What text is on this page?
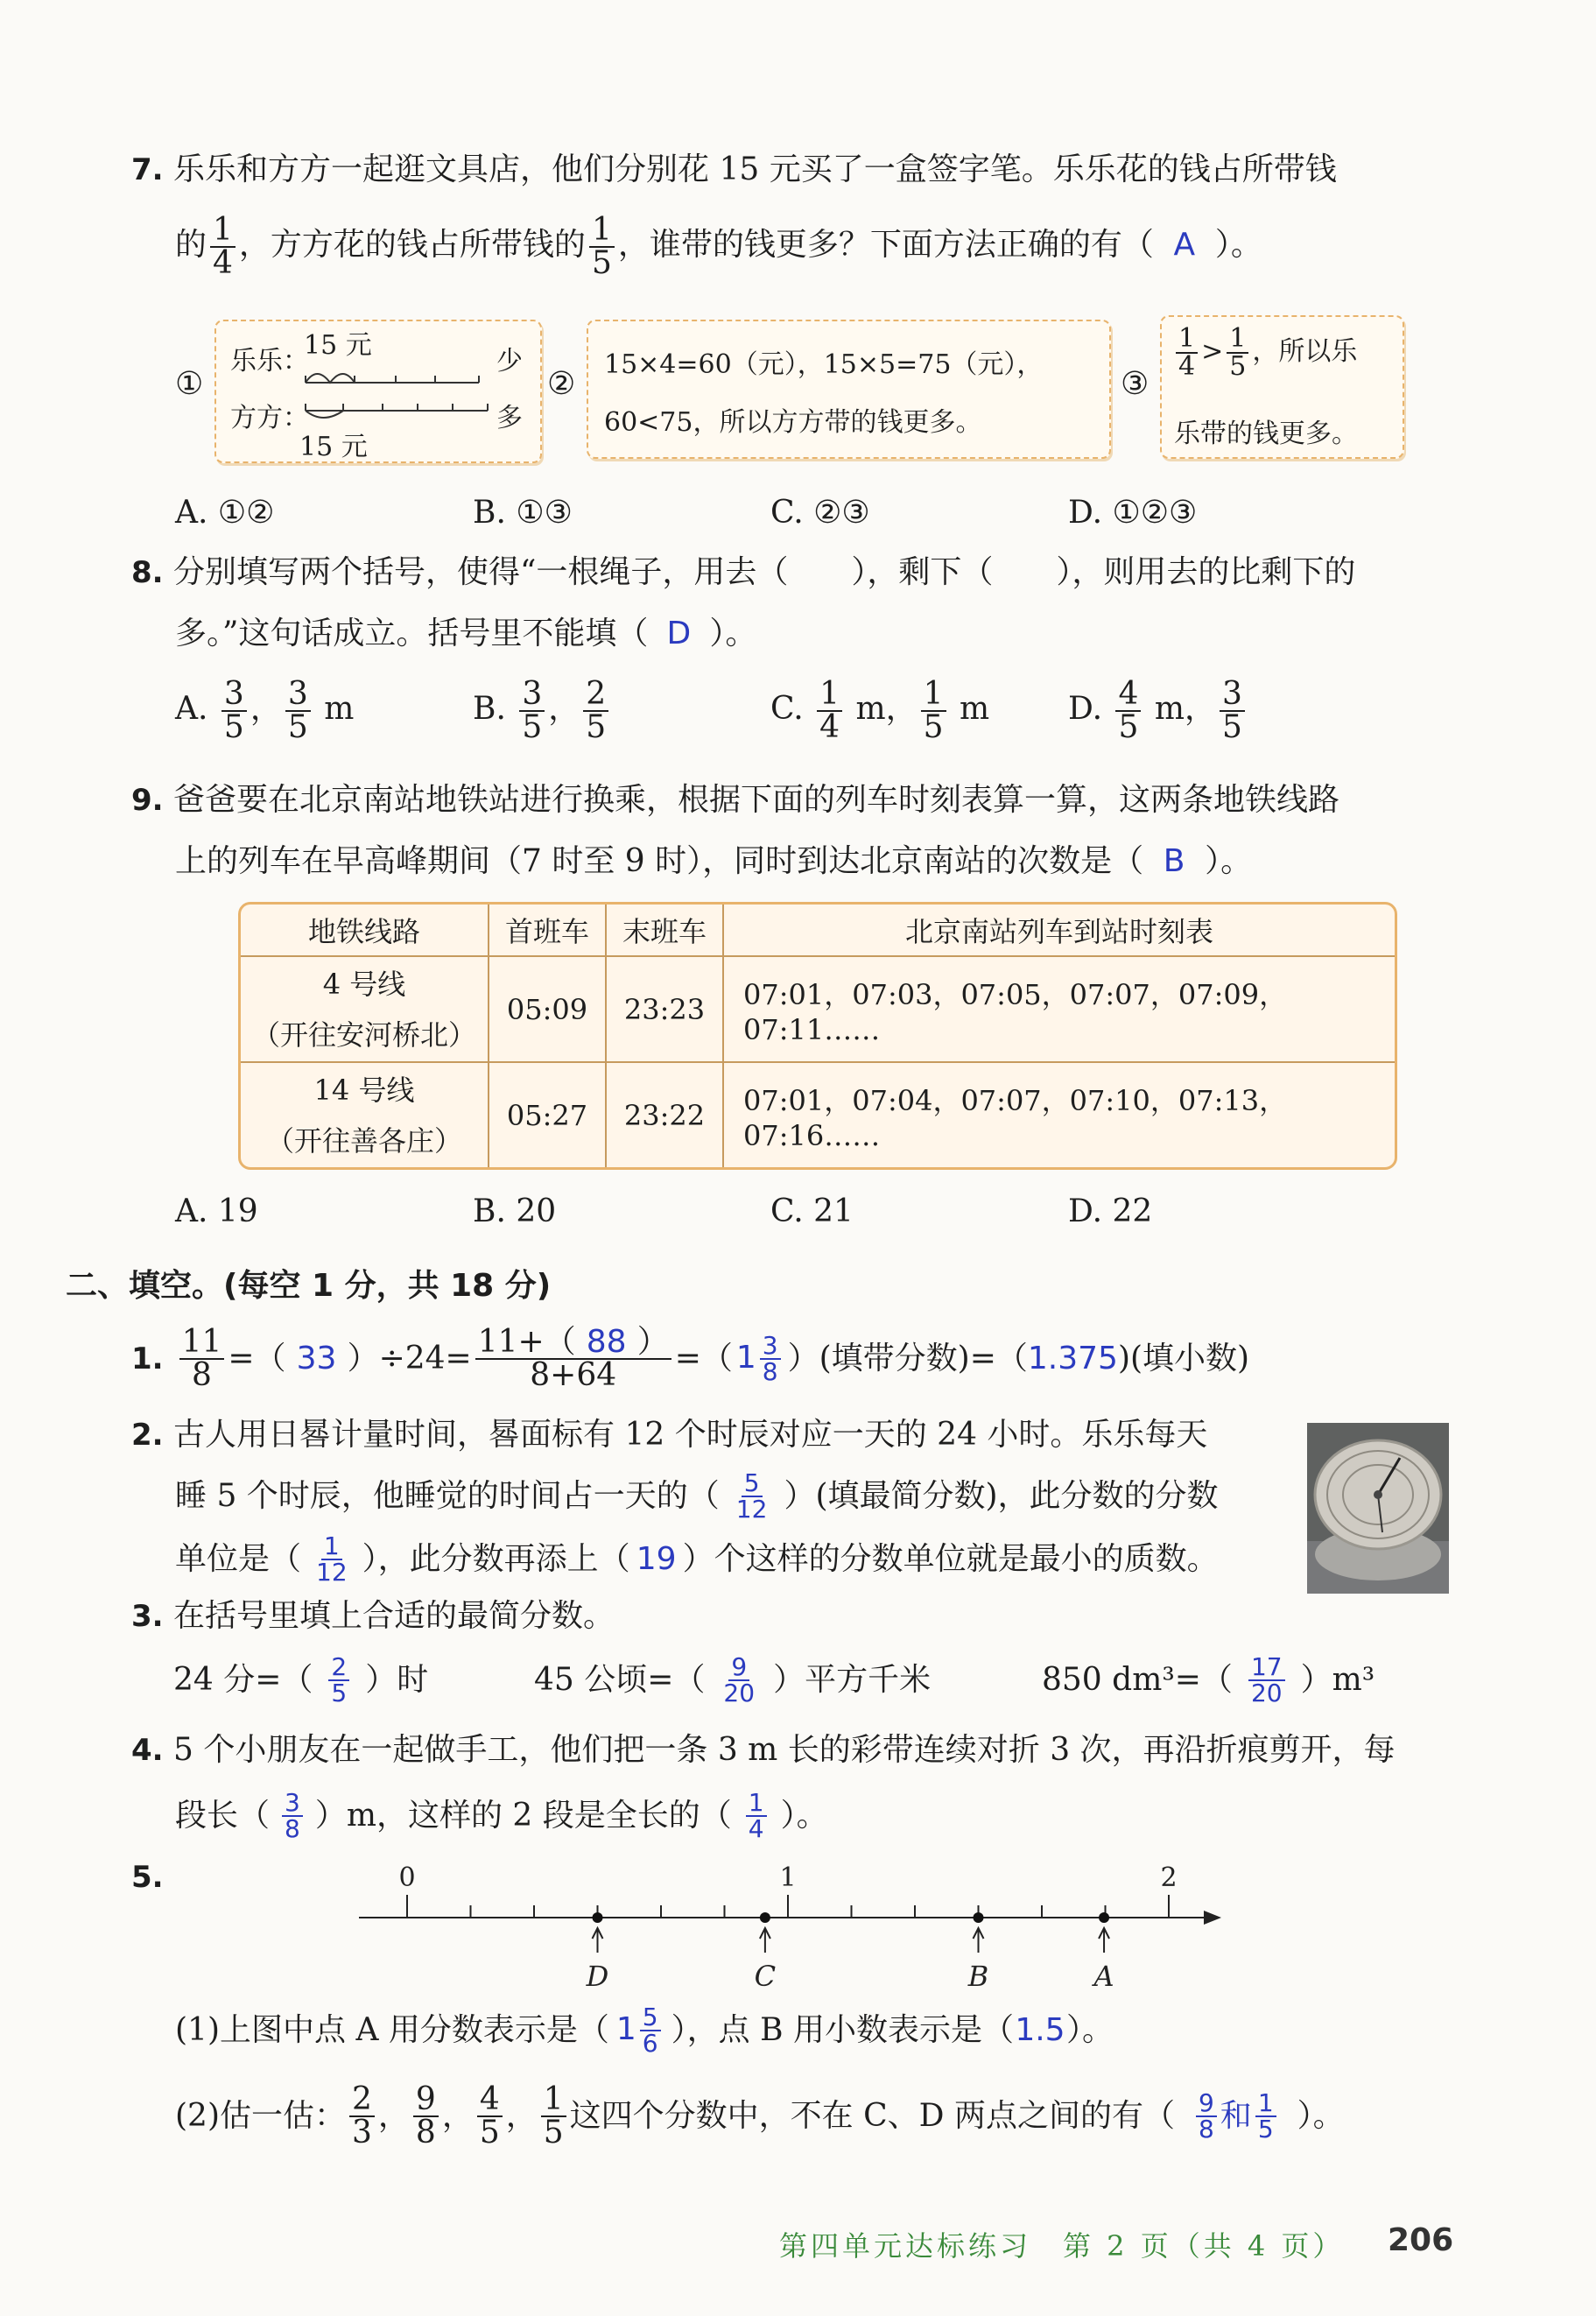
7. 乐乐和方方一起逛文具店，他们分别花 15 元买了一盒签字笔。乐乐花的钱占所带钱
的 $\frac{1}{4}$ ，方方花的钱占所带钱的 $\frac{1}{5}$ ，谁带的钱更多？下面方法正确的有（ A ）。
①
乐乐：
15 元
少
方方：	多
15 元
②
15×4=60（元），15×5=75（元），
60<75，所以方方带的钱更多。
③
$\frac{1}{4} > \frac{1}{5}$ ，所以乐
乐带的钱更多。
A. ①②	B. ①③	C. ②③	D. ①②③
8. 分别填写两个括号，使得“一根绳子，用去（　　），剩下（　　），则用去的比剩下的
多。”这句话成立。括号里不能填（ D ）。
A. $\frac{3}{5}$ ， $\frac{3}{5}$ m	B. $\frac{3}{5}$ ， $\frac{2}{5}$	C. $\frac{1}{4}$ m， $\frac{1}{5}$ m D. $\frac{4}{5}$ m， $\frac{3}{5}$
9. 爸爸要在北京南站地铁站进行换乘，根据下面的列车时刻表算一算，这两条地铁线路
上的列车在早高峰期间（7 时至 9 时），同时到达北京南站的次数是（ B ）。
地铁线路	首班车	末班车	北京南站列车到站时刻表

4 号线
（开往安河桥北）	05:09	23:23	07:01，07:03，07:05，07:07，07:09，07:11……

14 号线
（开往善各庄）	05:27	23:22	07:01，07:04，07:07，07:10，07:13，07:16……
A. 19	B. 20	C. 21	D. 22
二、填空。(每空 1 分，共 18 分)
1. $\frac{11}{8}$ =（ 33 ）$\div 24= \frac{11+( 88 )}{8+64}$ =（ $1 \frac{3}{8}$ ）(填带分数)=（ 1.375 )(填小数)
2. 古人用日晷计量时间，晷面标有 12 个时辰对应一天的 24 小时。乐乐每天
睡 5 个时辰，他睡觉的时间占一天的（ $\frac{5}{12}$ ）(填最简分数)，此分数的分数
单位是（ $\frac{1}{12}$ ），此分数再添上（ 19 ）个这样的分数单位就是最小的质数。
3. 在括号里填上合适的最简分数。
24 分=（ $\frac{2}{5}$ ）时	45 公顷=（ $\frac{9}{20}$ ）平方千米	850 $dm^3=( \frac{17}{20} )m^3$
4. 5 个小朋友在一起做手工，他们把一条 3 m 长的彩带连续对折 3 次，再沿折痕剪开，每
段长（ $\frac{3}{8} )m$，这样的 2 段是全长的（ $\frac{1}{4}$ ）。
5.	0	1	2
D	C	B	A
(1)上图中点 A 用分数表示是（ $1 \frac{5}{6}$ ），点 B 用小数表示是（ 1.5 ）。
(2)估一估： $\frac{2}{3}$ ， $\frac{9}{8}$ ， $\frac{4}{5}$ ， $\frac{1}{5}$ 这四个分数中，不在 C、D 两点之间的有（ $\frac{9}{8}$ 和 $\frac{1}{5}$ ）。
第四单元达标练习　第 2 页（共 4 页） 206
